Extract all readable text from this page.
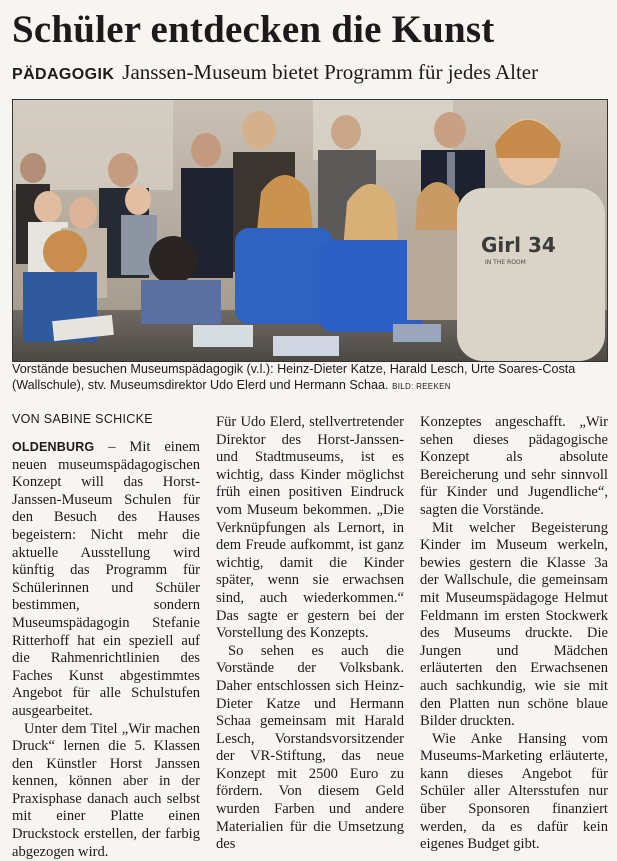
Schüler entdecken die Kunst
PÄDAGOGIK Janssen-Museum bietet Programm für jedes Alter
Girl 34
IN THE ROOM
Vorstände besuchen Museumspädagogik (v.l.): Heinz-Dieter Katze, Harald Lesch, Urte Soares-Costa (Wallschule), stv. Museumsdirektor Udo Elerd und Hermann Schaa. BILD: REEKEN
VON SABINE SCHICKE

OLDENBURG – Mit einem neuen museumspädagogischen Konzept will das Horst-Janssen-Museum Schulen für den Besuch des Hauses begeistern: Nicht mehr die aktuelle Ausstellung wird künftig das Programm für Schülerinnen und Schüler bestimmen, sondern Museumspädagogin Stefanie Ritterhoff hat ein speziell auf die Rahmenrichtlinien des Faches Kunst abgestimmtes Angebot für alle Schulstufen ausgearbeitet.

Unter dem Titel „Wir machen Druck“ lernen die 5. Klassen den Künstler Horst Janssen kennen, können aber in der Praxisphase danach auch selbst mit einer Platte einen Druckstock erstellen, der farbig abgezogen wird.

Für Udo Elerd, stellvertretender Direktor des Horst-Janssen- und Stadtmuseums, ist es wichtig, dass Kinder möglichst früh einen positiven Eindruck vom Museum bekommen. „Die Verknüpfungen als Lernort, in dem Freude aufkommt, ist ganz wichtig, damit die Kinder später, wenn sie erwachsen sind, auch wiederkommen.“ Das sagte er gestern bei der Vorstellung des Konzepts.

So sehen es auch die Vorstände der Volksbank. Daher entschlossen sich Heinz-Dieter Katze und Hermann Schaa gemeinsam mit Harald Lesch, Vorstandsvorsitzender der VR-Stiftung, das neue Konzept mit 2500 Euro zu fördern. Von diesem Geld wurden Farben und andere Materialien für die Umsetzung des

Konzeptes angeschafft. „Wir sehen dieses pädagogische Konzept als absolute Bereicherung und sehr sinnvoll für Kinder und Jugendliche“, sagten die Vorstände.

Mit welcher Begeisterung Kinder im Museum werkeln, bewies gestern die Klasse 3a der Wallschule, die gemeinsam mit Museumspädagoge Helmut Feldmann im ersten Stockwerk des Museums druckte. Die Jungen und Mädchen erläuterten den Erwachsenen auch sachkundig, wie sie mit den Platten nun schöne blaue Bilder druckten.

Wie Anke Hansing vom Museums-Marketing erläuterte, kann dieses Angebot für Schüler aller Altersstufen nur über Sponsoren finanziert werden, da es dafür kein eigenes Budget gibt.
